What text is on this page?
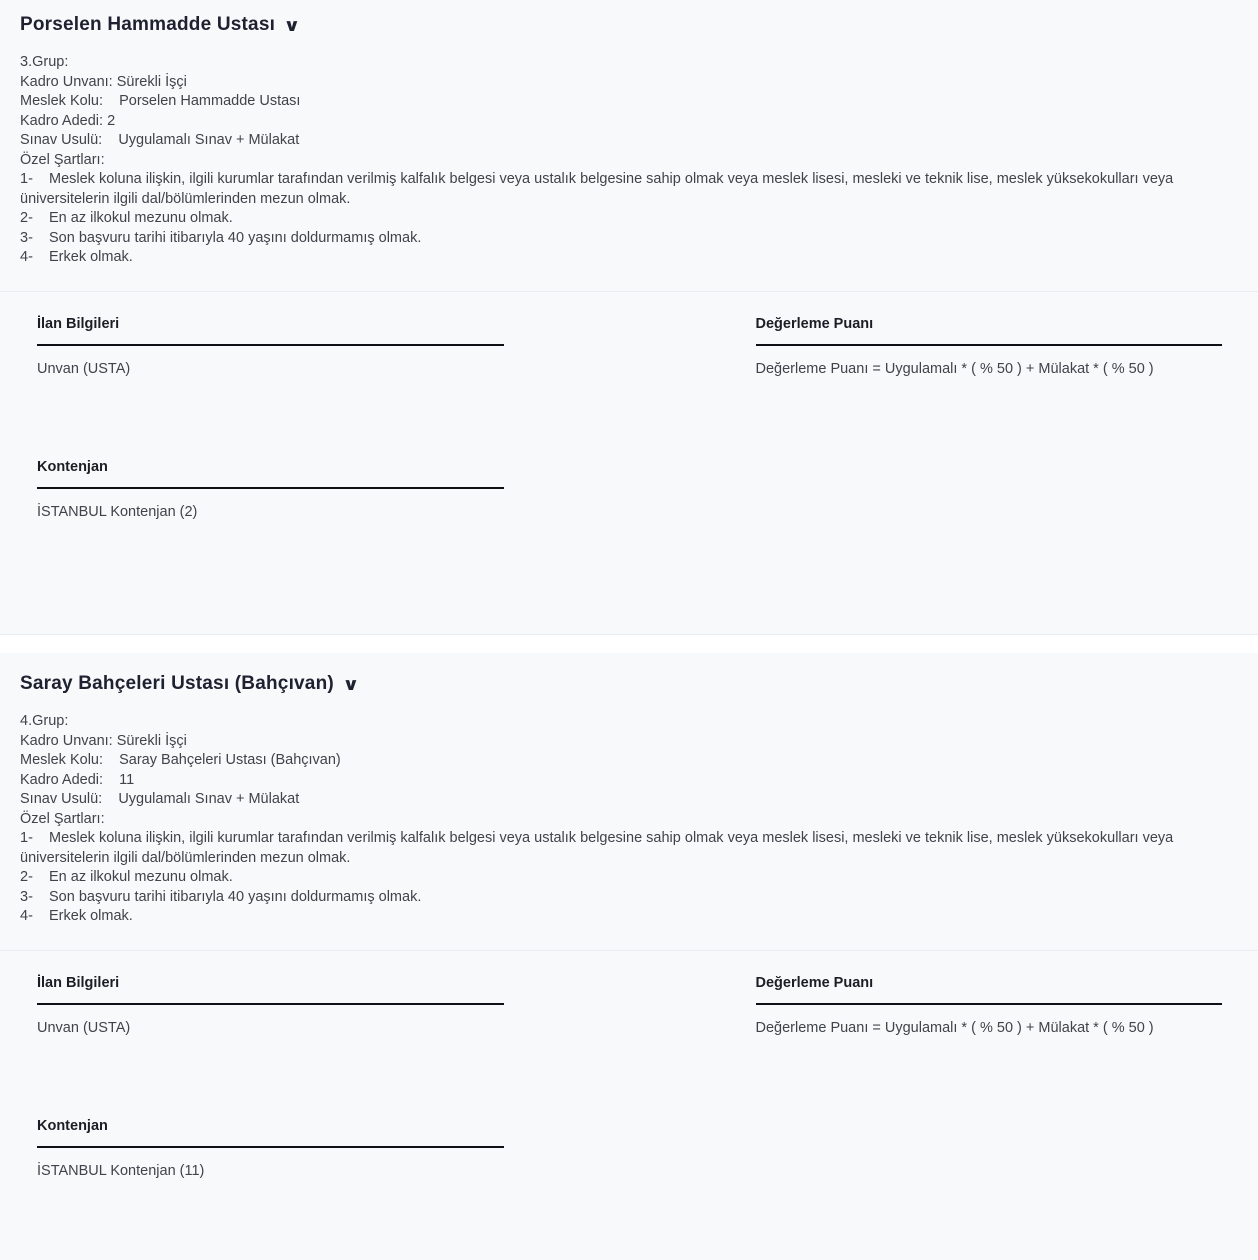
Porselen Hammadde Ustası ∨
3.Grup:
Kadro Unvanı: Sürekli İşçi
Meslek Kolu:    Porselen Hammadde Ustası
Kadro Adedi: 2
Sınav Usulü:    Uygulamalı Sınav + Mülakat
Özel Şartları:
1-    Meslek koluna ilişkin, ilgili kurumlar tarafından verilmiş kalfalık belgesi veya ustalık belgesine sahip olmak veya meslek lisesi, mesleki ve teknik lise, meslek yüksekokulları veya üniversitelerin ilgili dal/bölümlerinden mezun olmak.
2-    En az ilkokul mezunu olmak.
3-    Son başvuru tarihi itibarıyla 40 yaşını doldurmamış olmak.
4-    Erkek olmak.
İlan Bilgileri
Unvan (USTA)
Kontenjan
İSTANBUL Kontenjan (2)
Değerleme Puanı
Değerleme Puanı = Uygulamalı * ( % 50 ) + Mülakat * ( % 50 )
Saray Bahçeleri Ustası (Bahçıvan) ∨
4.Grup:
Kadro Unvanı: Sürekli İşçi
Meslek Kolu:    Saray Bahçeleri Ustası (Bahçıvan)
Kadro Adedi:    11
Sınav Usulü:    Uygulamalı Sınav + Mülakat
Özel Şartları:
1-    Meslek koluna ilişkin, ilgili kurumlar tarafından verilmiş kalfalık belgesi veya ustalık belgesine sahip olmak veya meslek lisesi, mesleki ve teknik lise, meslek yüksekokulları veya üniversitelerin ilgili dal/bölümlerinden mezun olmak.
2-    En az ilkokul mezunu olmak.
3-    Son başvuru tarihi itibarıyla 40 yaşını doldurmamış olmak.
4-    Erkek olmak.
İlan Bilgileri
Unvan (USTA)
Kontenjan
İSTANBUL Kontenjan (11)
Değerleme Puanı
Değerleme Puanı = Uygulamalı * ( % 50 ) + Mülakat * ( % 50 )
